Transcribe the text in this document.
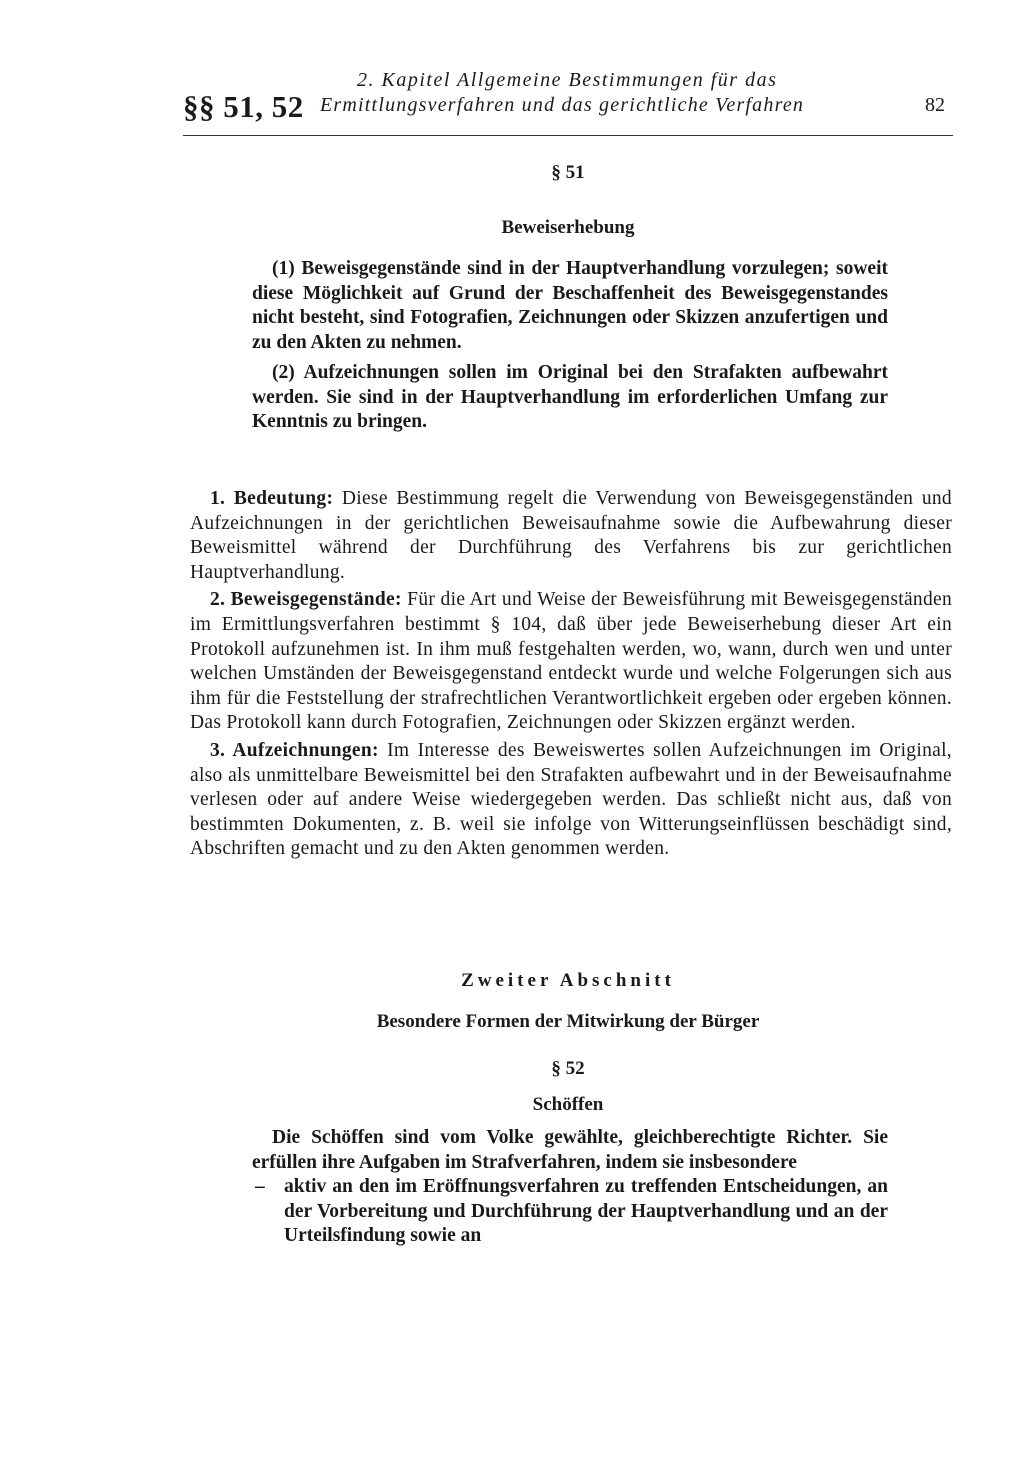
§§ 51, 52
2. Kapitel Allgemeine Bestimmungen für das
Ermittlungsverfahren und das gerichtliche Verfahren	82
§ 51
Beweiserhebung

(1) Beweisgegenstände sind in der Hauptverhandlung vorzulegen; soweit diese Möglichkeit auf Grund der Beschaffenheit des Beweisgegenstandes nicht besteht, sind Fotografien, Zeichnungen oder Skizzen anzufertigen und zu den Akten zu nehmen.

(2) Aufzeichnungen sollen im Original bei den Strafakten aufbewahrt werden. Sie sind in der Hauptverhandlung im erforderlichen Umfang zur Kenntnis zu bringen.

1. Bedeutung: Diese Bestimmung regelt die Verwendung von Beweisgegenständen und Aufzeichnungen in der gerichtlichen Beweisaufnahme sowie die Aufbewahrung dieser Beweismittel während der Durchführung des Verfahrens bis zur gerichtlichen Hauptverhandlung.

2. Beweisgegenstände: Für die Art und Weise der Beweisführung mit Beweisgegenständen im Ermittlungsverfahren bestimmt § 104, daß über jede Beweiserhebung dieser Art ein Protokoll aufzunehmen ist. In ihm muß festgehalten werden, wo, wann, durch wen und unter welchen Umständen der Beweisgegenstand entdeckt wurde und welche Folgerungen sich aus ihm für die Feststellung der strafrechtlichen Verantwortlichkeit ergeben oder ergeben können. Das Protokoll kann durch Fotografien, Zeichnungen oder Skizzen ergänzt werden.

3. Aufzeichnungen: Im Interesse des Beweiswertes sollen Aufzeichnungen im Original, also als unmittelbare Beweismittel bei den Strafakten aufbewahrt und in der Beweisaufnahme verlesen oder auf andere Weise wiedergegeben werden. Das schließt nicht aus, daß von bestimmten Dokumenten, z. B. weil sie infolge von Witterungseinflüssen beschädigt sind, Abschriften gemacht und zu den Akten genommen werden.

Zweiter Abschnitt
Besondere Formen der Mitwirkung der Bürger
§ 52
Schöffen

Die Schöffen sind vom Volke gewählte, gleichberechtigte Richter. Sie erfüllen ihre Aufgaben im Strafverfahren, indem sie insbesondere

– aktiv an den im Eröffnungsverfahren zu treffenden Entscheidungen, an der Vorbereitung und Durchführung der Hauptverhandlung und an der Urteilsfindung sowie an
